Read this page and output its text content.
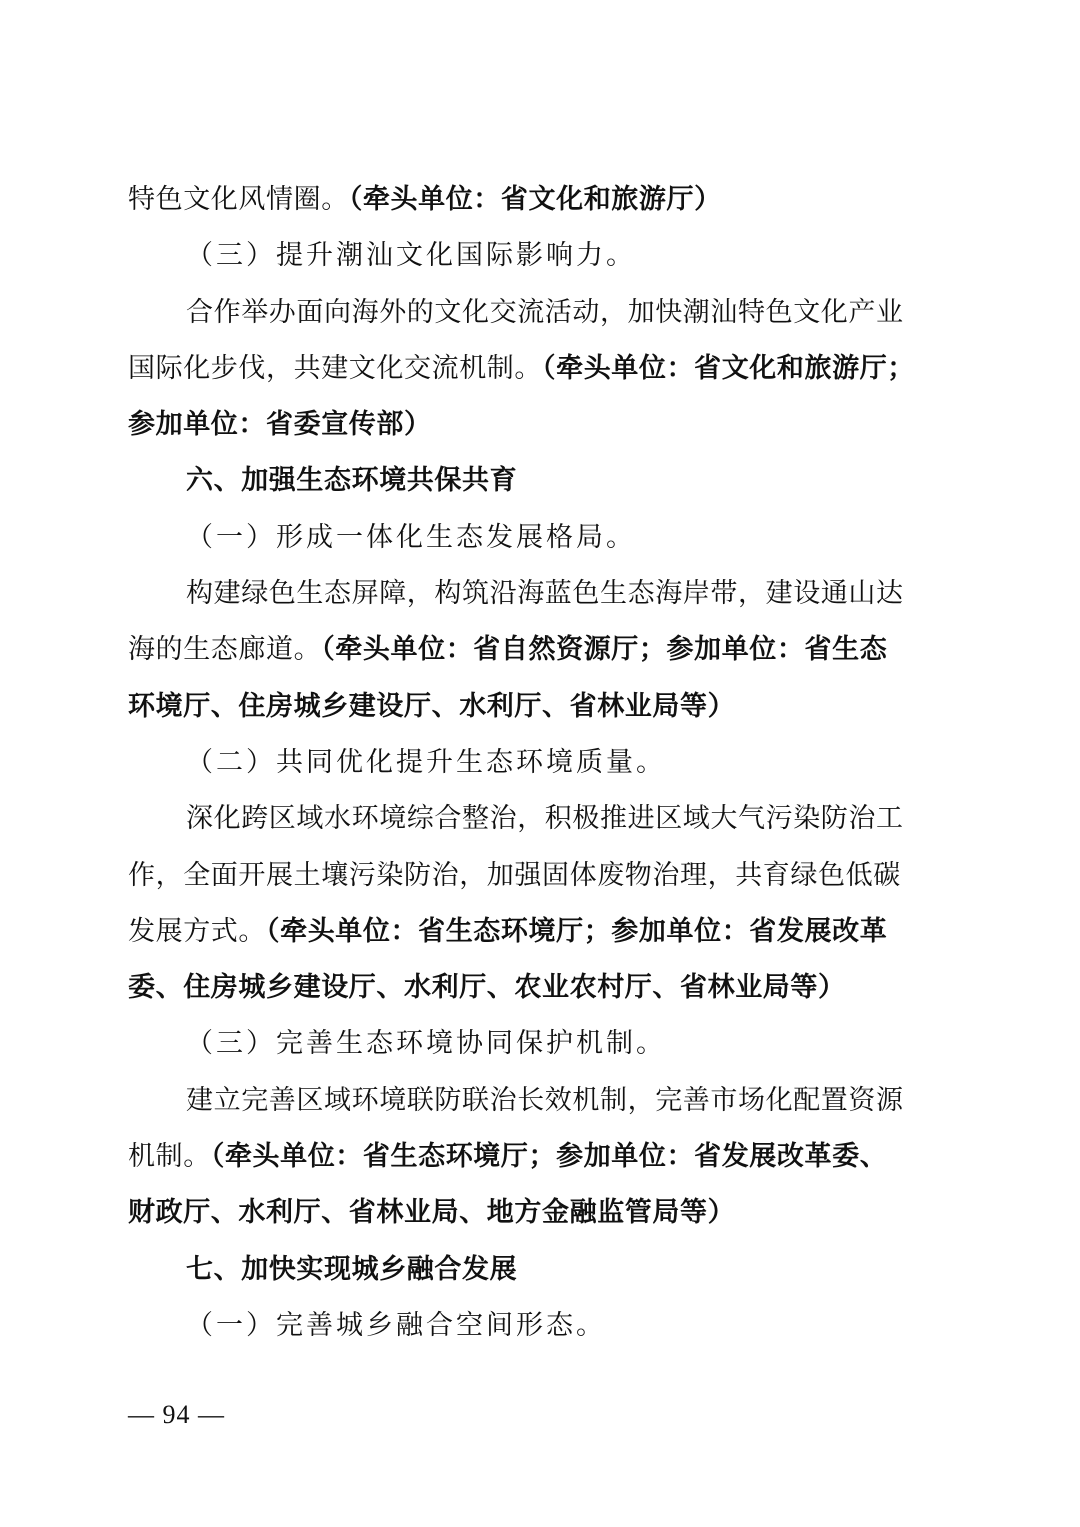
特色文化风情圈。（牵头单位：省文化和旅游厅）
（三）提升潮汕文化国际影响力。
合作举办面向海外的文化交流活动，加快潮汕特色文化产业
国际化步伐，共建文化交流机制。（牵头单位：省文化和旅游厅；
参加单位：省委宣传部）
六、加强生态环境共保共育
（一）形成一体化生态发展格局。
构建绿色生态屏障，构筑沿海蓝色生态海岸带，建设通山达
海的生态廊道。（牵头单位：省自然资源厅；参加单位：省生态
环境厅、住房城乡建设厅、水利厅、省林业局等）
（二）共同优化提升生态环境质量。
深化跨区域水环境综合整治，积极推进区域大气污染防治工
作，全面开展土壤污染防治，加强固体废物治理，共育绿色低碳
发展方式。（牵头单位：省生态环境厅；参加单位：省发展改革
委、住房城乡建设厅、水利厅、农业农村厅、省林业局等）
（三）完善生态环境协同保护机制。
建立完善区域环境联防联治长效机制，完善市场化配置资源
机制。（牵头单位：省生态环境厅；参加单位：省发展改革委、
财政厅、水利厅、省林业局、地方金融监管局等）
七、加快实现城乡融合发展
（一）完善城乡融合空间形态。
— 94 —
